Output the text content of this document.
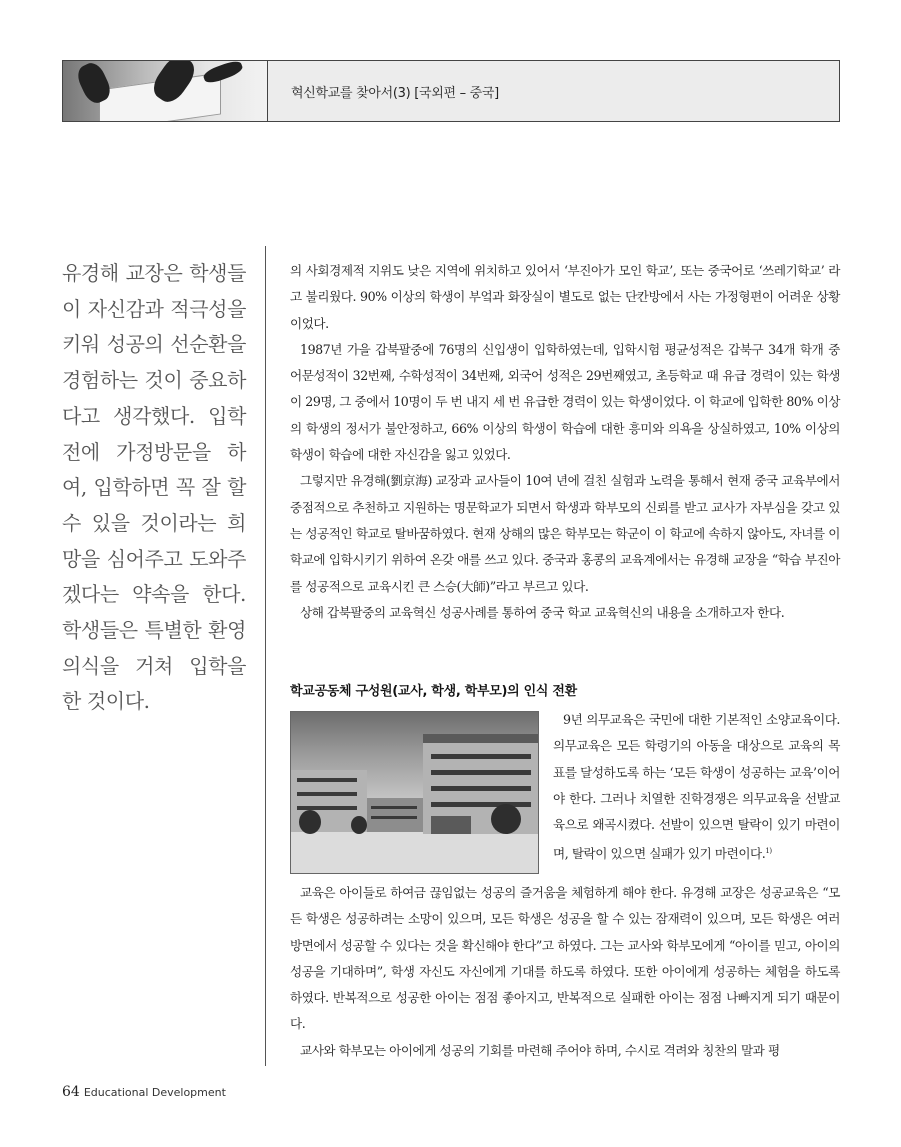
혁신학교를 찾아서(3) [국외편 – 중국]
유경해 교장은 학생들이 자신감과 적극성을 키워 성공의 선순환을 경험하는 것이 중요하다고 생각했다. 입학 전에 가정방문을 하여, 입학하면 꼭 잘 할 수 있을 것이라는 희망을 심어주고 도와주겠다는 약속을 한다. 학생들은 특별한 환영 의식을 거쳐 입학을 한 것이다.

의 사회경제적 지위도 낮은 지역에 위치하고 있어서 ‘부진아가 모인 학교’, 또는 중국어로 ‘쓰레기학교’ 라고 불리웠다. 90% 이상의 학생이 부엌과 화장실이 별도로 없는 단칸방에서 사는 가정형편이 어려운 상황이었다.

1987년 가을 갑북팔중에 76명의 신입생이 입학하였는데, 입학시험 평균성적은 갑북구 34개 학개 중 어문성적이 32번째, 수학성적이 34번째, 외국어 성적은 29번째였고, 초등학교 때 유급 경력이 있는 학생이 29명, 그 중에서 10명이 두 번 내지 세 번 유급한 경력이 있는 학생이었다. 이 학교에 입학한 80% 이상의 학생의 정서가 불안정하고, 66% 이상의 학생이 학습에 대한 흥미와 의욕을 상실하였고, 10% 이상의 학생이 학습에 대한 자신감을 잃고 있었다.

그렇지만 유경해(劉京海) 교장과 교사들이 10여 년에 걸친 실험과 노력을 통해서 현재 중국 교육부에서 중점적으로 추천하고 지원하는 명문학교가 되면서 학생과 학부모의 신뢰를 받고 교사가 자부심을 갖고 있는 성공적인 학교로 탈바꿈하였다. 현재 상해의 많은 학부모는 학군이 이 학교에 속하지 않아도, 자녀를 이 학교에 입학시키기 위하여 온갖 애를 쓰고 있다. 중국과 홍콩의 교육계에서는 유경해 교장을 “학습 부진아를 성공적으로 교육시킨 큰 스승(大師)”라고 부르고 있다.

상해 갑북팔중의 교육혁신 성공사례를 통하여 중국 학교 교육혁신의 내용을 소개하고자 한다.

학교공동체 구성원(교사, 학생, 학부모)의 인식 전환

9년 의무교육은 국민에 대한 기본적인 소양교육이다. 의무교육은 모든 학령기의 아동을 대상으로 교육의 목표를 달성하도록 하는 ‘모든 학생이 성공하는 교육’이어야 한다. 그러나 치열한 진학경쟁은 의무교육을 선발교육으로 왜곡시켰다. 선발이 있으면 탈락이 있기 마련이며, 탈락이 있으면 실패가 있기 마련이다.$^{1)}$

교육은 아이들로 하여금 끊임없는 성공의 즐거움을 체험하게 해야 한다. 유경해 교장은 성공교육은 “모든 학생은 성공하려는 소망이 있으며, 모든 학생은 성공을 할 수 있는 잠재력이 있으며, 모든 학생은 여러 방면에서 성공할 수 있다는 것을 확신해야 한다”고 하였다. 그는 교사와 학부모에게 “아이를 믿고, 아이의 성공을 기대하며”, 학생 자신도 자신에게 기대를 하도록 하였다. 또한 아이에게 성공하는 체험을 하도록 하였다. 반복적으로 성공한 아이는 점점 좋아지고, 반복적으로 실패한 아이는 점점 나빠지게 되기 때문이다.

교사와 학부모는 아이에게 성공의 기회를 마련해 주어야 하며, 수시로 격려와 칭찬의 말과 평

64 Educational Development
